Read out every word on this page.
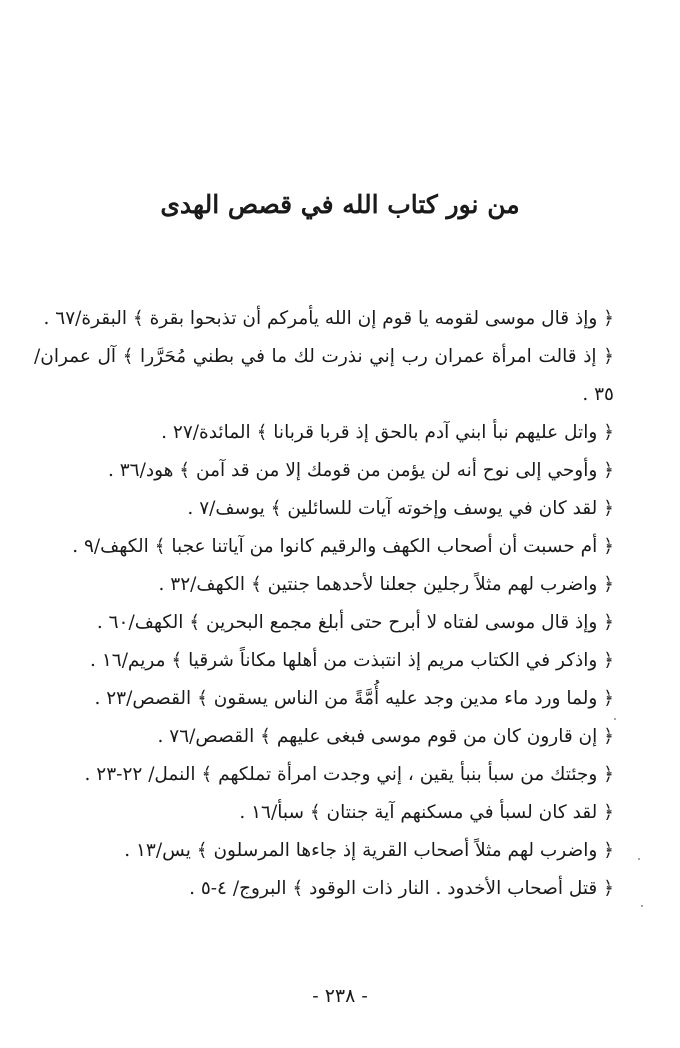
من نور كتاب الله في قصص الهدى
﴿ وإذ قال موسى لقومه يا قوم إن الله يأمركم أن تذبحوا بقرة ﴾ البقرة/٦٧ .
﴿ إذ قالت امرأة عمران رب إني نذرت لك ما في بطني مُحَرَّرا ﴾ آل عمران/٣٥ .
﴿ واتل عليهم نبأ ابني آدم بالحق إذ قربا قربانا ﴾ المائدة/٢٧ .
﴿ وأوحي إلى نوح أنه لن يؤمن من قومك إلا من قد آمن ﴾ هود/٣٦ .
﴿ لقد كان في يوسف وإخوته آيات للسائلين ﴾ يوسف/٧ .
﴿ أم حسبت أن أصحاب الكهف والرقيم كانوا من آياتنا عجبا ﴾ الكهف/٩ .
﴿ واضرب لهم مثلاً رجلين جعلنا لأحدهما جنتين ﴾ الكهف/٣٢ .
﴿ وإذ قال موسى لفتاه لا أبرح حتى أبلغ مجمع البحرين ﴾ الكهف/٦٠ .
﴿ واذكر في الكتاب مريم إذ انتبذت من أهلها مكاناً شرقيا ﴾ مريم/١٦ .
﴿ ولما ورد ماء مدين وجد عليه أُمَّةً من الناس يسقون ﴾ القصص/٢٣ .
﴿ إن قارون كان من قوم موسى فبغى عليهم ﴾ القصص/٧٦ .
﴿ وجئتك من سبأ بنبأ يقين ، إني وجدت امرأة تملكهم ﴾ النمل/ ٢٢-٢٣ .
﴿ لقد كان لسبأ في مسكنهم آية جنتان ﴾ سبأ/١٦ .
﴿ واضرب لهم مثلاً أصحاب القرية إذ جاءها المرسلون ﴾ يس/١٣ .
﴿ قتل أصحاب الأخدود . النار ذات الوقود ﴾ البروج/ ٤-٥ .
- ٢٣٨ -
